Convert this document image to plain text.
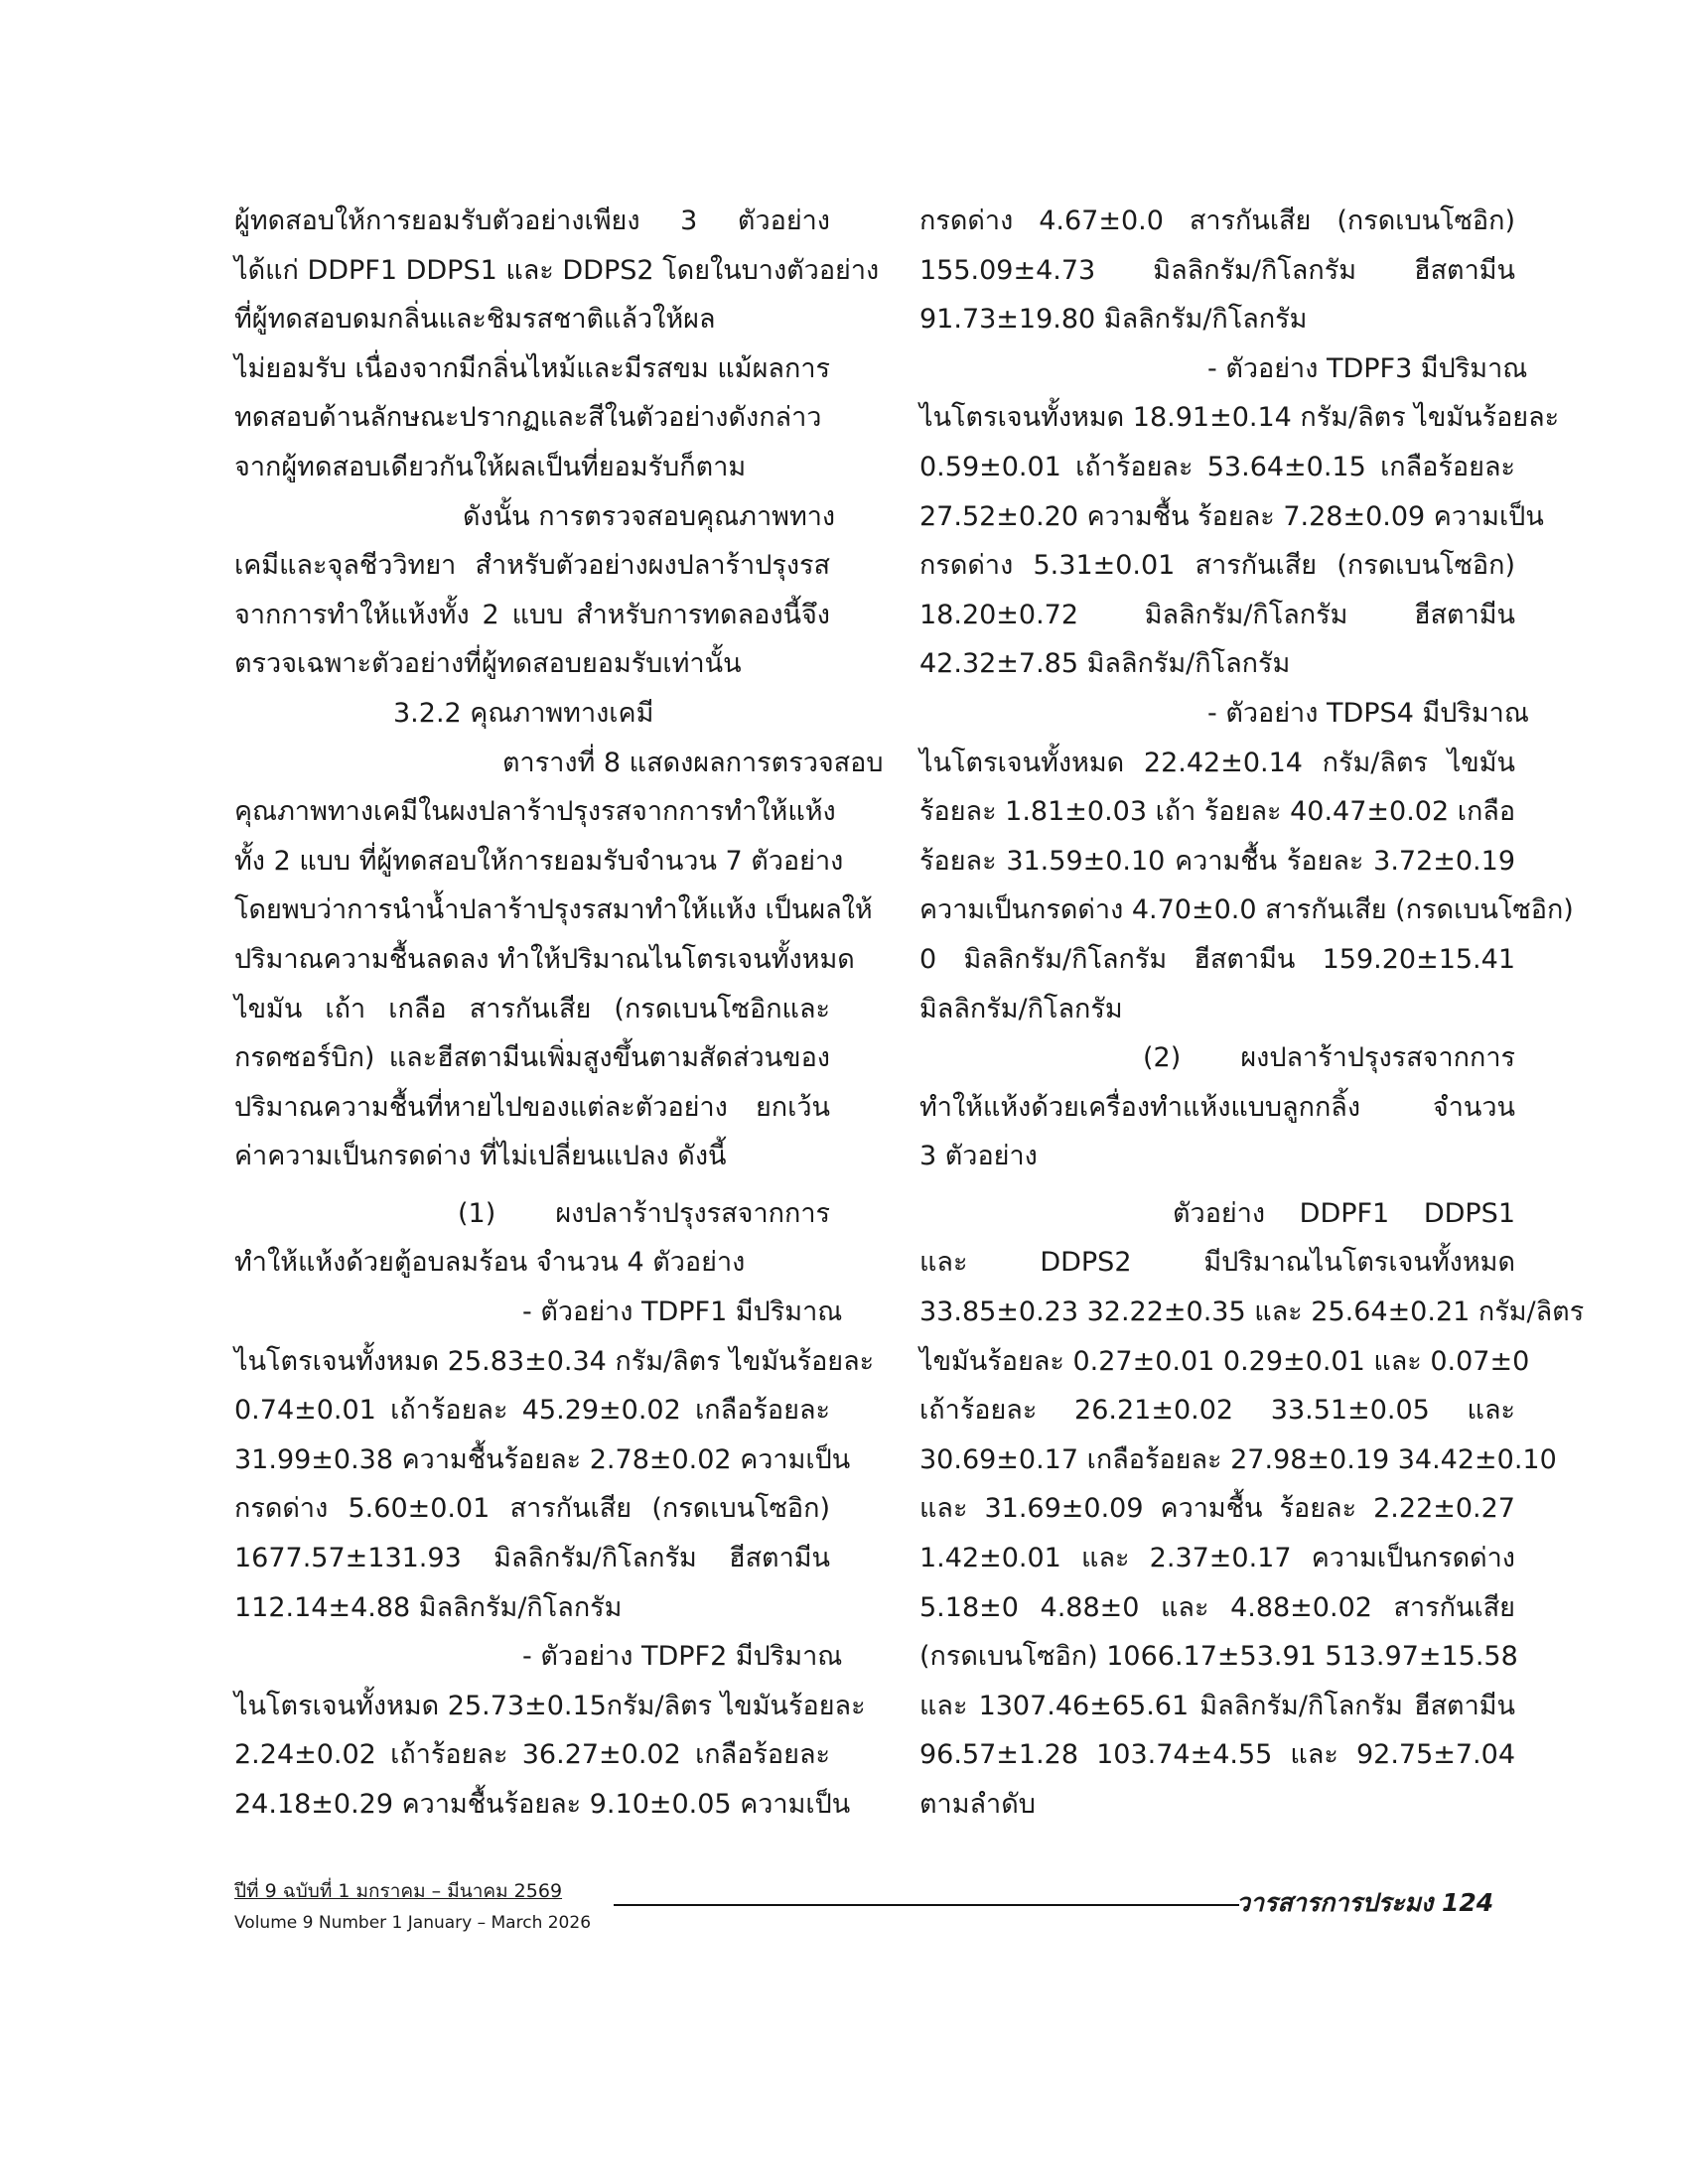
ผู้ทดสอบให้การยอมรับตัวอย่างเพียง 3 ตัวอย่าง
ได้แก่ DDPF1 DDPS1 และ DDPS2 โดยในบางตัวอย่าง
ที่ผู้ทดสอบดมกลิ่นและชิมรสชาติแล้วให้ผล
ไม่ยอมรับ เนื่องจากมีกลิ่นไหม้และมีรสขม แม้ผลการ
ทดสอบด้านลักษณะปรากฏและสีในตัวอย่างดังกล่าว
จากผู้ทดสอบเดียวกันให้ผลเป็นที่ยอมรับก็ตาม
ดังนั้น การตรวจสอบคุณภาพทาง
เคมีและจุลชีววิทยา สำหรับตัวอย่างผงปลาร้าปรุงรส
จากการทำให้แห้งทั้ง 2 แบบ สำหรับการทดลองนี้จึง
ตรวจเฉพาะตัวอย่างที่ผู้ทดสอบยอมรับเท่านั้น
3.2.2 คุณภาพทางเคมี
ตารางที่ 8 แสดงผลการตรวจสอบ
คุณภาพทางเคมีในผงปลาร้าปรุงรสจากการทำให้แห้ง
ทั้ง 2 แบบ ที่ผู้ทดสอบให้การยอมรับจำนวน 7 ตัวอย่าง
โดยพบว่าการนำน้ำปลาร้าปรุงรสมาทำให้แห้ง เป็นผลให้
ปริมาณความชื้นลดลง ทำให้ปริมาณไนโตรเจนทั้งหมด
ไขมัน เถ้า เกลือ สารกันเสีย (กรดเบนโซอิกและ
กรดซอร์บิก) และฮีสตามีนเพิ่มสูงขึ้นตามสัดส่วนของ
ปริมาณความชื้นที่หายไปของแต่ละตัวอย่าง ยกเว้น
ค่าความเป็นกรดด่าง ที่ไม่เปลี่ยนแปลง ดังนี้
(1) ผงปลาร้าปรุงรสจากการ
ทำให้แห้งด้วยตู้อบลมร้อน จำนวน 4 ตัวอย่าง
- ตัวอย่าง TDPF1 มีปริมาณ
ไนโตรเจนทั้งหมด 25.83±0.34 กรัม/ลิตร ไขมันร้อยละ
0.74±0.01 เถ้าร้อยละ 45.29±0.02 เกลือร้อยละ
31.99±0.38 ความชื้นร้อยละ 2.78±0.02 ความเป็น
กรดด่าง 5.60±0.01 สารกันเสีย (กรดเบนโซอิก)
1677.57±131.93 มิลลิกรัม/กิโลกรัม ฮีสตามีน
112.14±4.88 มิลลิกรัม/กิโลกรัม
- ตัวอย่าง TDPF2 มีปริมาณ
ไนโตรเจนทั้งหมด 25.73±0.15กรัม/ลิตร ไขมันร้อยละ
2.24±0.02 เถ้าร้อยละ 36.27±0.02 เกลือร้อยละ
24.18±0.29 ความชื้นร้อยละ 9.10±0.05 ความเป็น
กรดด่าง 4.67±0.0 สารกันเสีย (กรดเบนโซอิก)
155.09±4.73 มิลลิกรัม/กิโลกรัม ฮีสตามีน
91.73±19.80 มิลลิกรัม/กิโลกรัม
- ตัวอย่าง TDPF3 มีปริมาณ
ไนโตรเจนทั้งหมด 18.91±0.14 กรัม/ลิตร ไขมันร้อยละ
0.59±0.01 เถ้าร้อยละ 53.64±0.15 เกลือร้อยละ
27.52±0.20 ความชื้น ร้อยละ 7.28±0.09 ความเป็น
กรดด่าง 5.31±0.01 สารกันเสีย (กรดเบนโซอิก)
18.20±0.72 มิลลิกรัม/กิโลกรัม ฮีสตามีน
42.32±7.85 มิลลิกรัม/กิโลกรัม
- ตัวอย่าง TDPS4 มีปริมาณ
ไนโตรเจนทั้งหมด 22.42±0.14 กรัม/ลิตร ไขมัน
ร้อยละ 1.81±0.03 เถ้า ร้อยละ 40.47±0.02 เกลือ
ร้อยละ 31.59±0.10 ความชื้น ร้อยละ 3.72±0.19
ความเป็นกรดด่าง 4.70±0.0 สารกันเสีย (กรดเบนโซอิก)
0 มิลลิกรัม/กิโลกรัม ฮีสตามีน 159.20±15.41
มิลลิกรัม/กิโลกรัม
(2) ผงปลาร้าปรุงรสจากการ
ทำให้แห้งด้วยเครื่องทำแห้งแบบลูกกลิ้ง จำนวน
3 ตัวอย่าง
ตัวอย่าง DDPF1 DDPS1
และ DDPS2 มีปริมาณไนโตรเจนทั้งหมด
33.85±0.23 32.22±0.35 และ 25.64±0.21 กรัม/ลิตร
ไขมันร้อยละ 0.27±0.01 0.29±0.01 และ 0.07±0
เถ้าร้อยละ 26.21±0.02 33.51±0.05 และ
30.69±0.17 เกลือร้อยละ 27.98±0.19 34.42±0.10
และ 31.69±0.09 ความชื้น ร้อยละ 2.22±0.27
1.42±0.01 และ 2.37±0.17 ความเป็นกรดด่าง
5.18±0 4.88±0 และ 4.88±0.02 สารกันเสีย
(กรดเบนโซอิก) 1066.17±53.91 513.97±15.58
และ 1307.46±65.61 มิลลิกรัม/กิโลกรัม ฮีสตามีน
96.57±1.28 103.74±4.55 และ 92.75±7.04
ตามลำดับ
ปีที่ 9 ฉบับที่ 1 มกราคม – มีนาคม 2569
Volume 9 Number 1 January – March 2026
วารสารการประมง 124
